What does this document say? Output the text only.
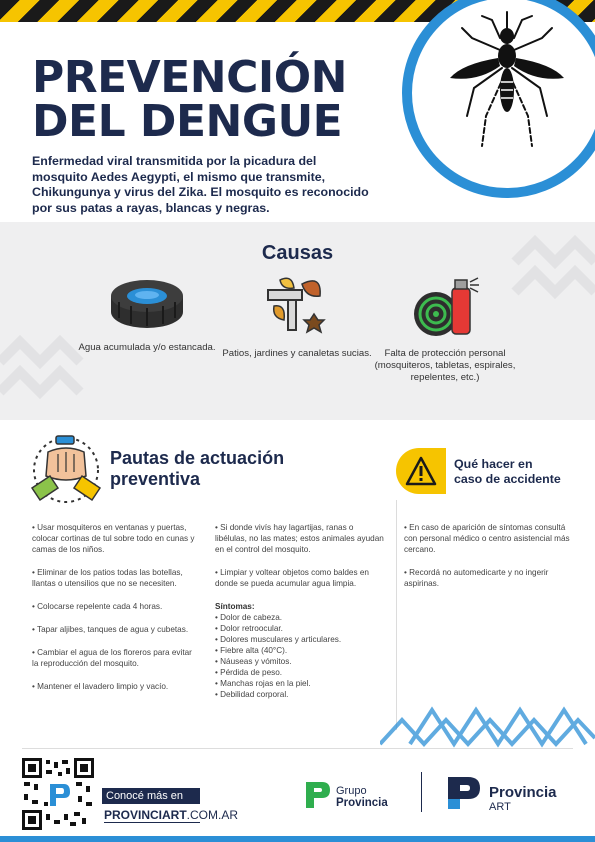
PREVENCIÓN
DEL DENGUE
Enfermedad viral transmitida por la picadura del mosquito Aedes Aegypti, el mismo que transmite, Chikungunya y virus del Zika. El mosquito es reconocido por sus patas a rayas, blancas y negras.
Causas
Agua acumulada y/o estancada.
Patios, jardines y canaletas sucias.	Falta de protección personal (mosquiteros, tabletas, espirales, repelentes, etc.)
Pautas de actuación
preventiva

• Usar mosquiteros en ventanas y puertas, colocar cortinas de tul sobre todo en cunas y camas de los niños.

• Eliminar de los patios todas las botellas, llantas o utensilios que no se necesiten.

• Colocarse repelente cada 4 horas.

• Tapar aljibes, tanques de agua y cubetas.

• Cambiar el agua de los floreros para evitar la reproducción del mosquito.

• Mantener el lavadero limpio y vacío.

• Si donde vivís hay lagartijas, ranas o libélulas, no las mates; estos animales ayudan en el control del mosquito.

• Limpiar y voltear objetos como baldes en donde se pueda acumular agua limpia.

Síntomas:
• Dolor de cabeza.
• Dolor retroocular.
• Dolores musculares y articulares.
• Fiebre alta (40°C).
• Náuseas y vómitos.
• Pérdida de peso.
• Manchas rojas en la piel.
• Debilidad corporal.
Qué hacer en
caso de accidente

• En caso de aparición de síntomas consultá con personal médico o centro asistencial más cercano.

• Recordá no automedicarte y no ingerir aspirinas.

Conocé más en
PROVINCIART.COM.AR
Grupo
Provincia
Provincia
ART
